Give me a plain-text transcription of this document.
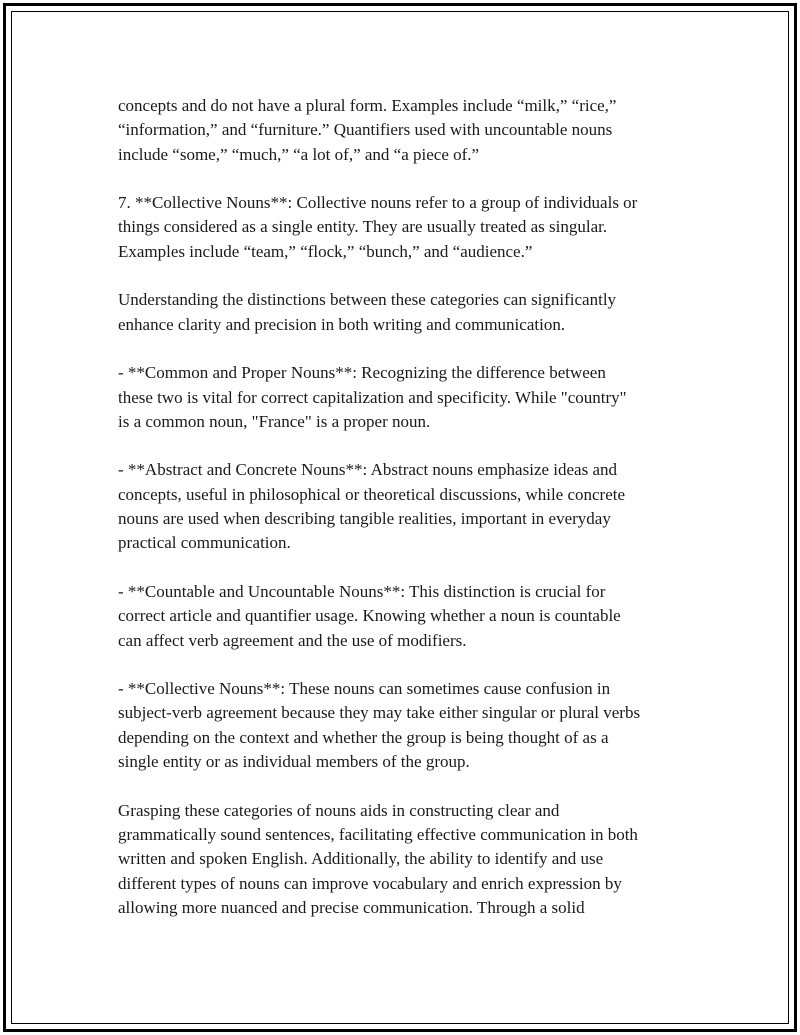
concepts and do not have a plural form. Examples include “milk,” “rice,”
“information,” and “furniture.” Quantifiers used with uncountable nouns
include “some,” “much,” “a lot of,” and “a piece of.”

7. **Collective Nouns**: Collective nouns refer to a group of individuals or
things considered as a single entity. They are usually treated as singular.
Examples include “team,” “flock,” “bunch,” and “audience.”

Understanding the distinctions between these categories can significantly
enhance clarity and precision in both writing and communication.

- **Common and Proper Nouns**: Recognizing the difference between
these two is vital for correct capitalization and specificity. While "country"
is a common noun, "France" is a proper noun.

- **Abstract and Concrete Nouns**: Abstract nouns emphasize ideas and
concepts, useful in philosophical or theoretical discussions, while concrete
nouns are used when describing tangible realities, important in everyday
practical communication.

- **Countable and Uncountable Nouns**: This distinction is crucial for
correct article and quantifier usage. Knowing whether a noun is countable
can affect verb agreement and the use of modifiers.

- **Collective Nouns**: These nouns can sometimes cause confusion in
subject-verb agreement because they may take either singular or plural verbs
depending on the context and whether the group is being thought of as a
single entity or as individual members of the group.

Grasping these categories of nouns aids in constructing clear and
grammatically sound sentences, facilitating effective communication in both
written and spoken English. Additionally, the ability to identify and use
different types of nouns can improve vocabulary and enrich expression by
allowing more nuanced and precise communication. Through a solid
